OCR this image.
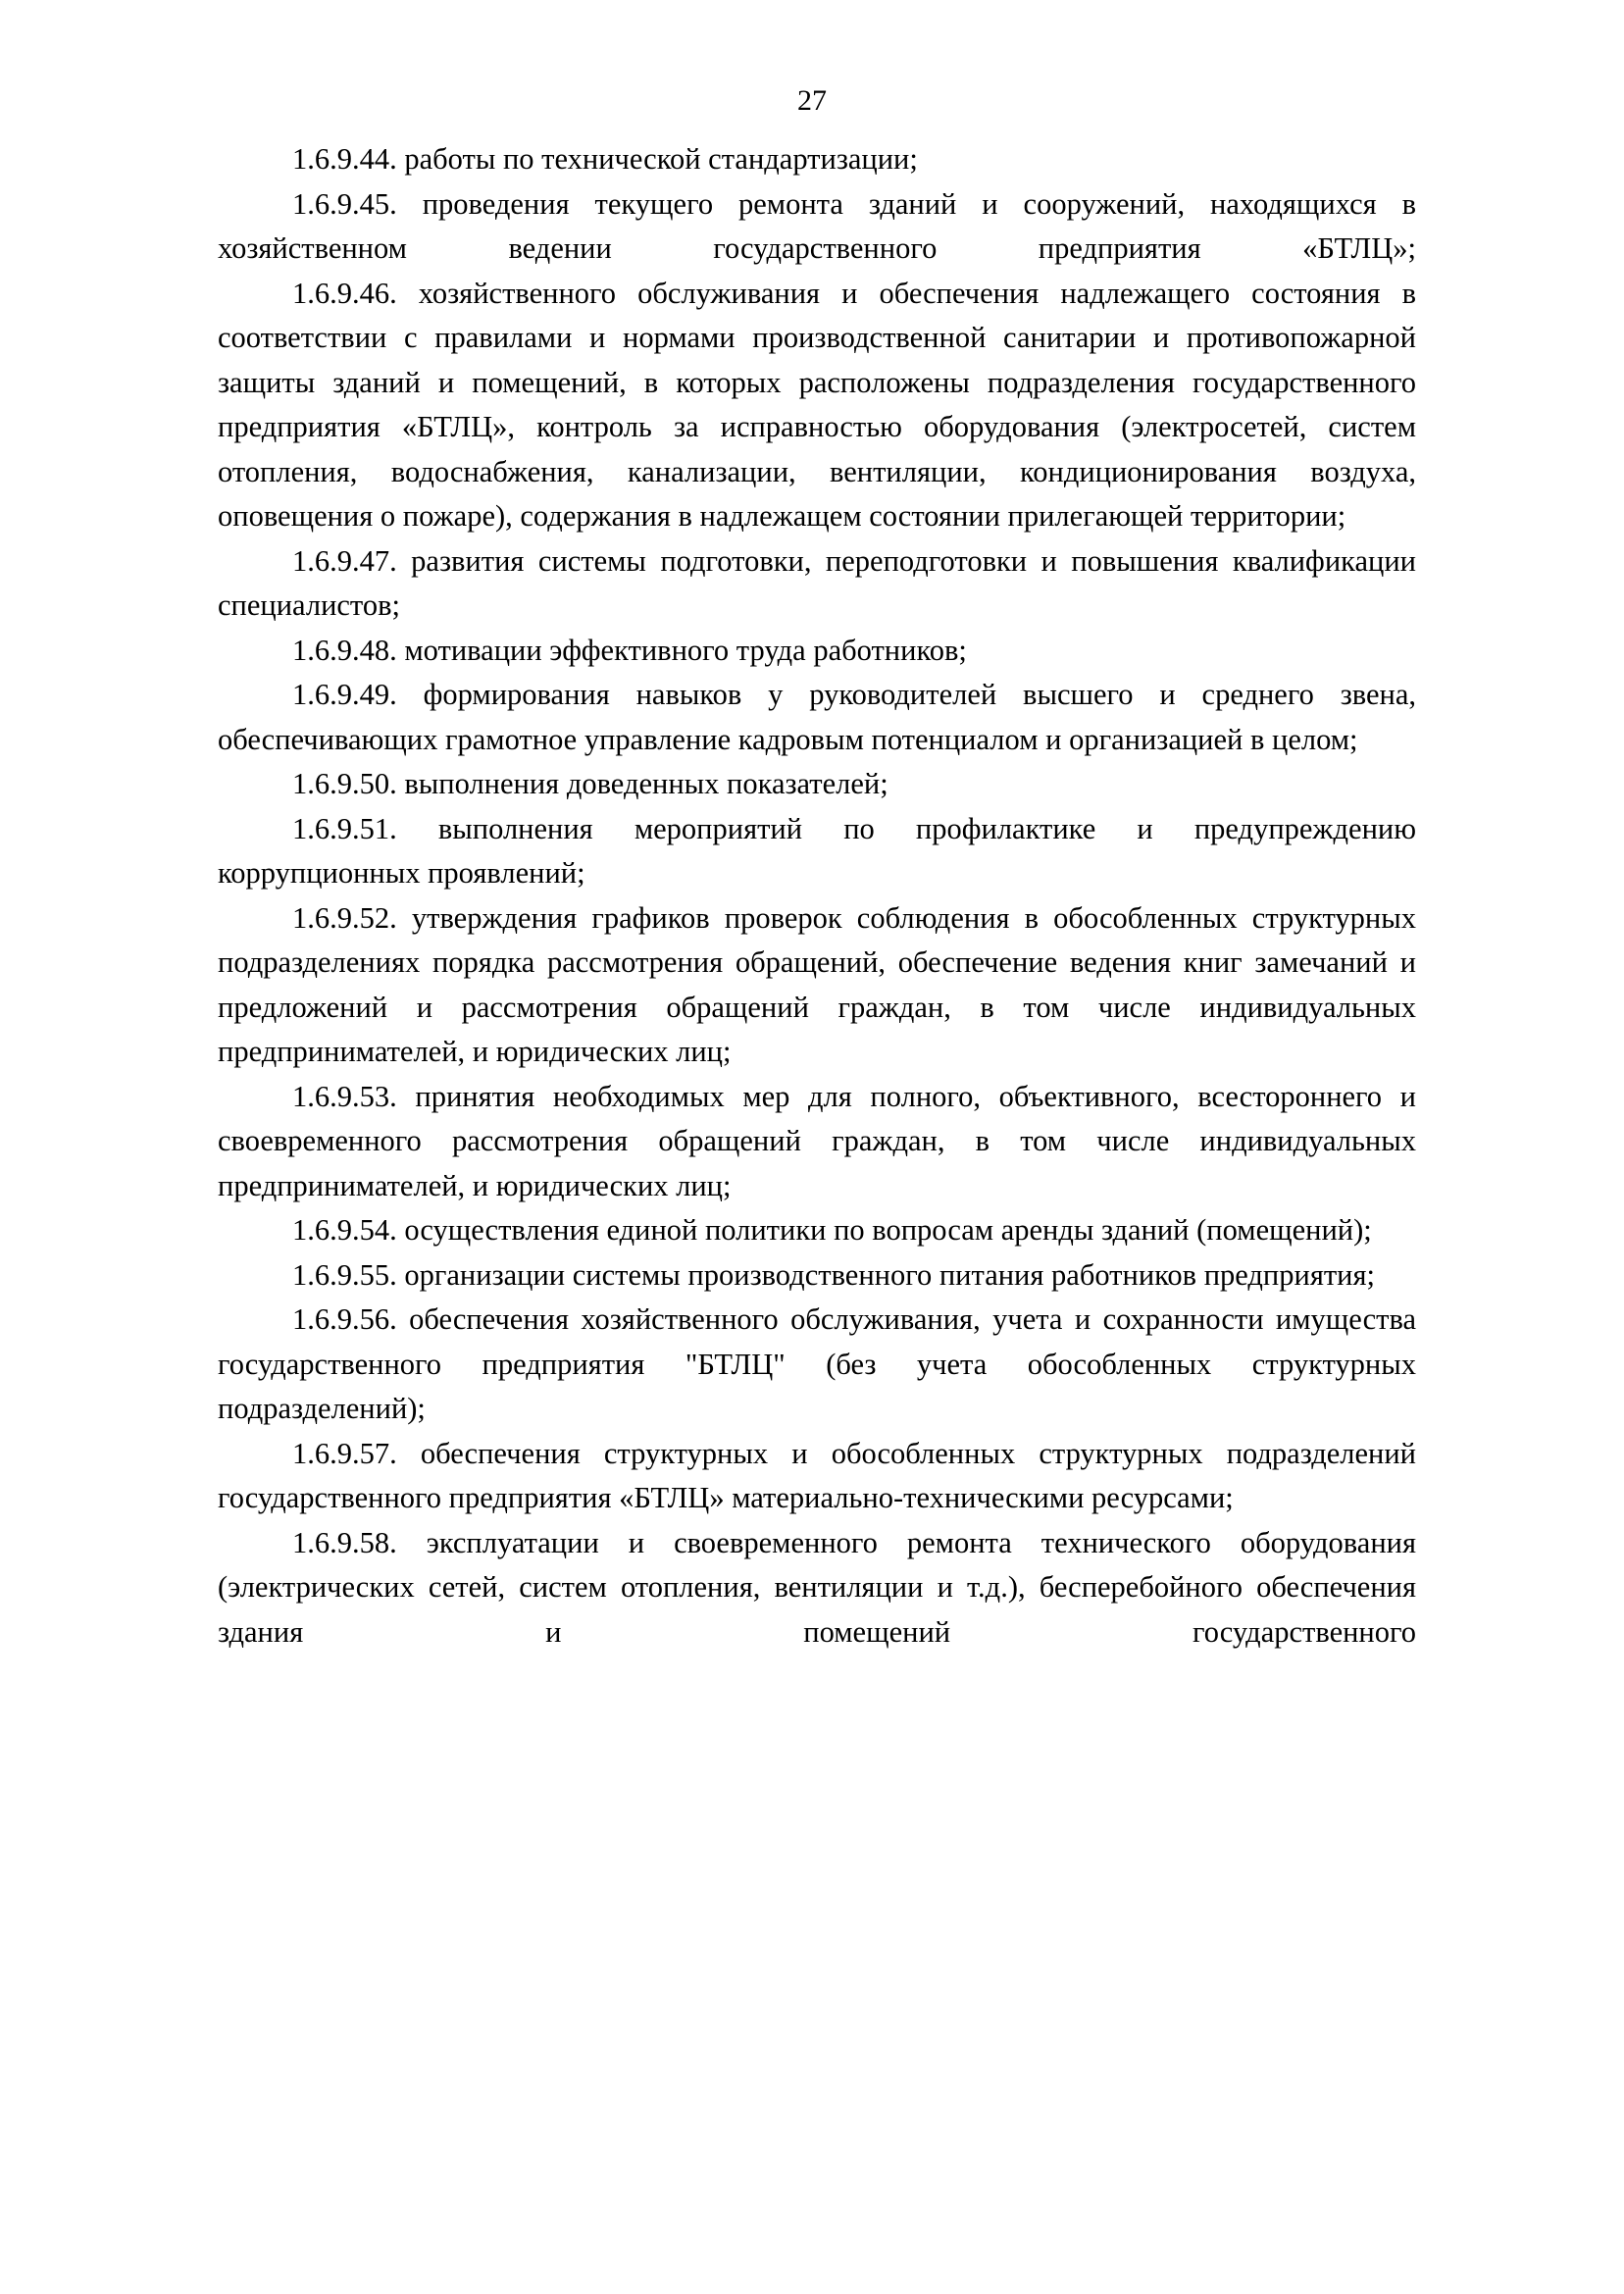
27

1.6.9.44. работы по технической стандартизации;

1.6.9.45. проведения текущего ремонта зданий и сооружений, находящихся в хозяйственном ведении государственного предприятия «БТЛЦ»;

1.6.9.46. хозяйственного обслуживания и обеспечения надлежащего состояния в соответствии с правилами и нормами производственной санитарии и противопожарной защиты зданий и помещений, в которых расположены подразделения государственного предприятия «БТЛЦ», контроль за исправностью оборудования (электросетей, систем отопления, водоснабжения, канализации, вентиляции, кондиционирования воздуха, оповещения о пожаре), содержания в надлежащем состоянии прилегающей территории;

1.6.9.47. развития системы подготовки, переподготовки и повышения квалификации специалистов;

1.6.9.48. мотивации эффективного труда работников;

1.6.9.49. формирования навыков у руководителей высшего и среднего звена, обеспечивающих грамотное управление кадровым потенциалом и организацией в целом;

1.6.9.50. выполнения доведенных показателей;

1.6.9.51. выполнения мероприятий по профилактике и предупреждению коррупционных проявлений;

1.6.9.52. утверждения графиков проверок соблюдения в обособленных структурных подразделениях порядка рассмотрения обращений, обеспечение ведения книг замечаний и предложений и рассмотрения обращений граждан, в том числе индивидуальных предпринимателей, и юридических лиц;

1.6.9.53. принятия необходимых мер для полного, объективного, всестороннего и своевременного рассмотрения обращений граждан, в том числе индивидуальных предпринимателей, и юридических лиц;

1.6.9.54. осуществления единой политики по вопросам аренды зданий (помещений);

1.6.9.55. организации системы производственного питания работников предприятия;

1.6.9.56. обеспечения хозяйственного обслуживания, учета и сохранности имущества государственного предприятия "БТЛЦ" (без учета обособленных структурных подразделений);

1.6.9.57. обеспечения структурных и обособленных структурных подразделений государственного предприятия «БТЛЦ» материально-техническими ресурсами;

1.6.9.58. эксплуатации и своевременного ремонта технического оборудования (электрических сетей, систем отопления, вентиляции и т.д.), бесперебойного обеспечения здания и помещений государственного
